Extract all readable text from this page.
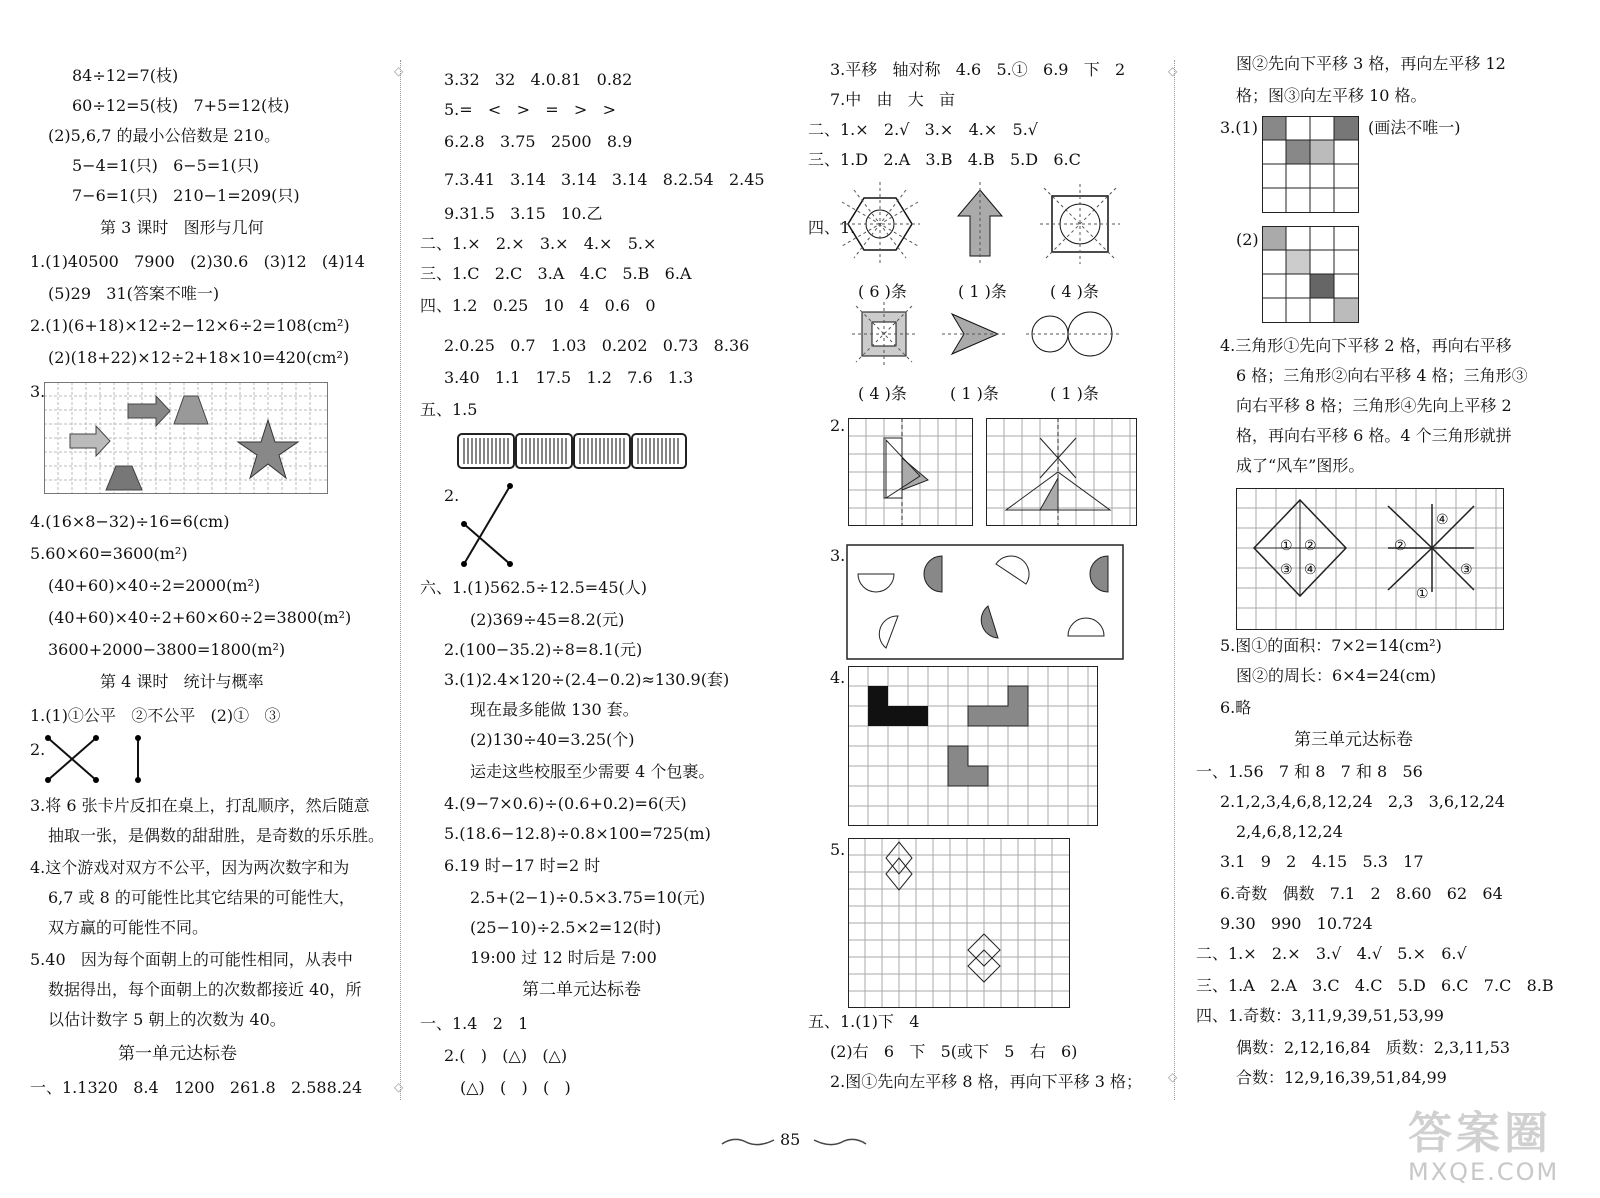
84÷12=7(枝)
60÷12=5(枝)   7+5=12(枝)
(2)5,6,7 的最小公倍数是 210。
5−4=1(只)   6−5=1(只)
7−6=1(只)   210−1=209(只)
第 3 课时   图形与几何
1.(1)40500   7900   (2)30.6   (3)12   (4)14
(5)29   31(答案不唯一)
2.(1)(6+18)×12÷2−12×6÷2=108(cm²)
(2)(18+22)×12÷2+18×10=420(cm²)
3.
4.(16×8−32)÷16=6(cm)
5.60×60=3600(m²)
(40+60)×40÷2=2000(m²)
(40+60)×40÷2+60×60÷2=3800(m²)
3600+2000−3800=1800(m²)
第 4 课时   统计与概率
1.(1)①公平   ②不公平   (2)①   ③
2.
3.将 6 张卡片反扣在桌上，打乱顺序，然后随意
抽取一张，是偶数的甜甜胜，是奇数的乐乐胜。
4.这个游戏对双方不公平，因为两次数字和为
6,7 或 8 的可能性比其它结果的可能性大，
双方赢的可能性不同。
5.40   因为每个面朝上的可能性相同，从表中
数据得出，每个面朝上的次数都接近 40，所
以估计数字 5 朝上的次数为 40。
第一单元达标卷
一、1.1320   8.4   1200   261.8   2.588.24
◇
◇
3.32   32   4.0.81   0.82
5.=   <   >   =   >   >
6.2.8   3.75   2500   8.9
7.3.41   3.14   3.14   3.14   8.2.54   2.45
9.31.5   3.15   10.乙
二、1.×   2.×   3.×   4.×   5.×
三、1.C   2.C   3.A   4.C   5.B   6.A
四、1.2   0.25   10   4   0.6   0
2.0.25   0.7   1.03   0.202   0.73   8.36
3.40   1.1   17.5   1.2   7.6   1.3
五、1.5
2.
六、1.(1)562.5÷12.5=45(人)
(2)369÷45=8.2(元)
2.(100−35.2)÷8=8.1(元)
3.(1)2.4×120÷(2.4−0.2)≈130.9(套)
现在最多能做 130 套。
(2)130÷40=3.25(个)
运走这些校服至少需要 4 个包裹。
4.(9−7×0.6)÷(0.6+0.2)=6(天)
5.(18.6−12.8)÷0.8×100=725(m)
6.19 时−17 时=2 时
2.5+(2−1)÷0.5×3.75=10(元)
(25−10)÷2.5×2=12(时)
19:00 过 12 时后是 7:00
第二单元达标卷
一、1.4   2   1
2.(   )   (△)   (△)
(△)   (   )   (   )
3.平移   轴对称   4.6   5.①   6.9   下   2
7.中   由   大   亩
二、1.×   2.√   3.×   4.×   5.√
三、1.D   2.A   3.B   4.B   5.D   6.C
四、1.
( 6 )条	( 1 )条	( 4 )条
( 4 )条	( 1 )条	( 1 )条
2.
3.
4.
5.
五、1.(1)下   4
(2)右   6   下   5(或下   5   右   6)
2.图①先向左平移 8 格，再向下平移 3 格；
◇
◇
图②先向下平移 3 格，再向左平移 12
格；图③向左平移 10 格。
3.(1)	(画法不唯一)
(2)
4.三角形①先向下平移 2 格，再向右平移
6 格；三角形②向右平移 4 格；三角形③
向右平移 8 格；三角形④先向上平移 2
格，再向右平移 6 格。4 个三角形就拼
成了“风车”图形。
① ②
③ ④
④
②
③
①
5.图①的面积：7×2=14(cm²)
图②的周长：6×4=24(cm)
6.略
第三单元达标卷
一、1.56   7 和 8   7 和 8   56
2.1,2,3,4,6,8,12,24   2,3   3,6,12,24
2,4,6,8,12,24
3.1   9   2   4.15   5.3   17
6.奇数   偶数   7.1   2   8.60   62   64
9.30   990   10.724
二、1.×   2.×   3.√   4.√   5.×   6.√
三、1.A   2.A   3.C   4.C   5.D   6.C   7.C   8.B
四、1.奇数：3,11,9,39,51,53,99
偶数：2,12,16,84   质数：2,3,11,53
合数：12,9,16,39,51,84,99
85	答案圈
MXQE.COM
